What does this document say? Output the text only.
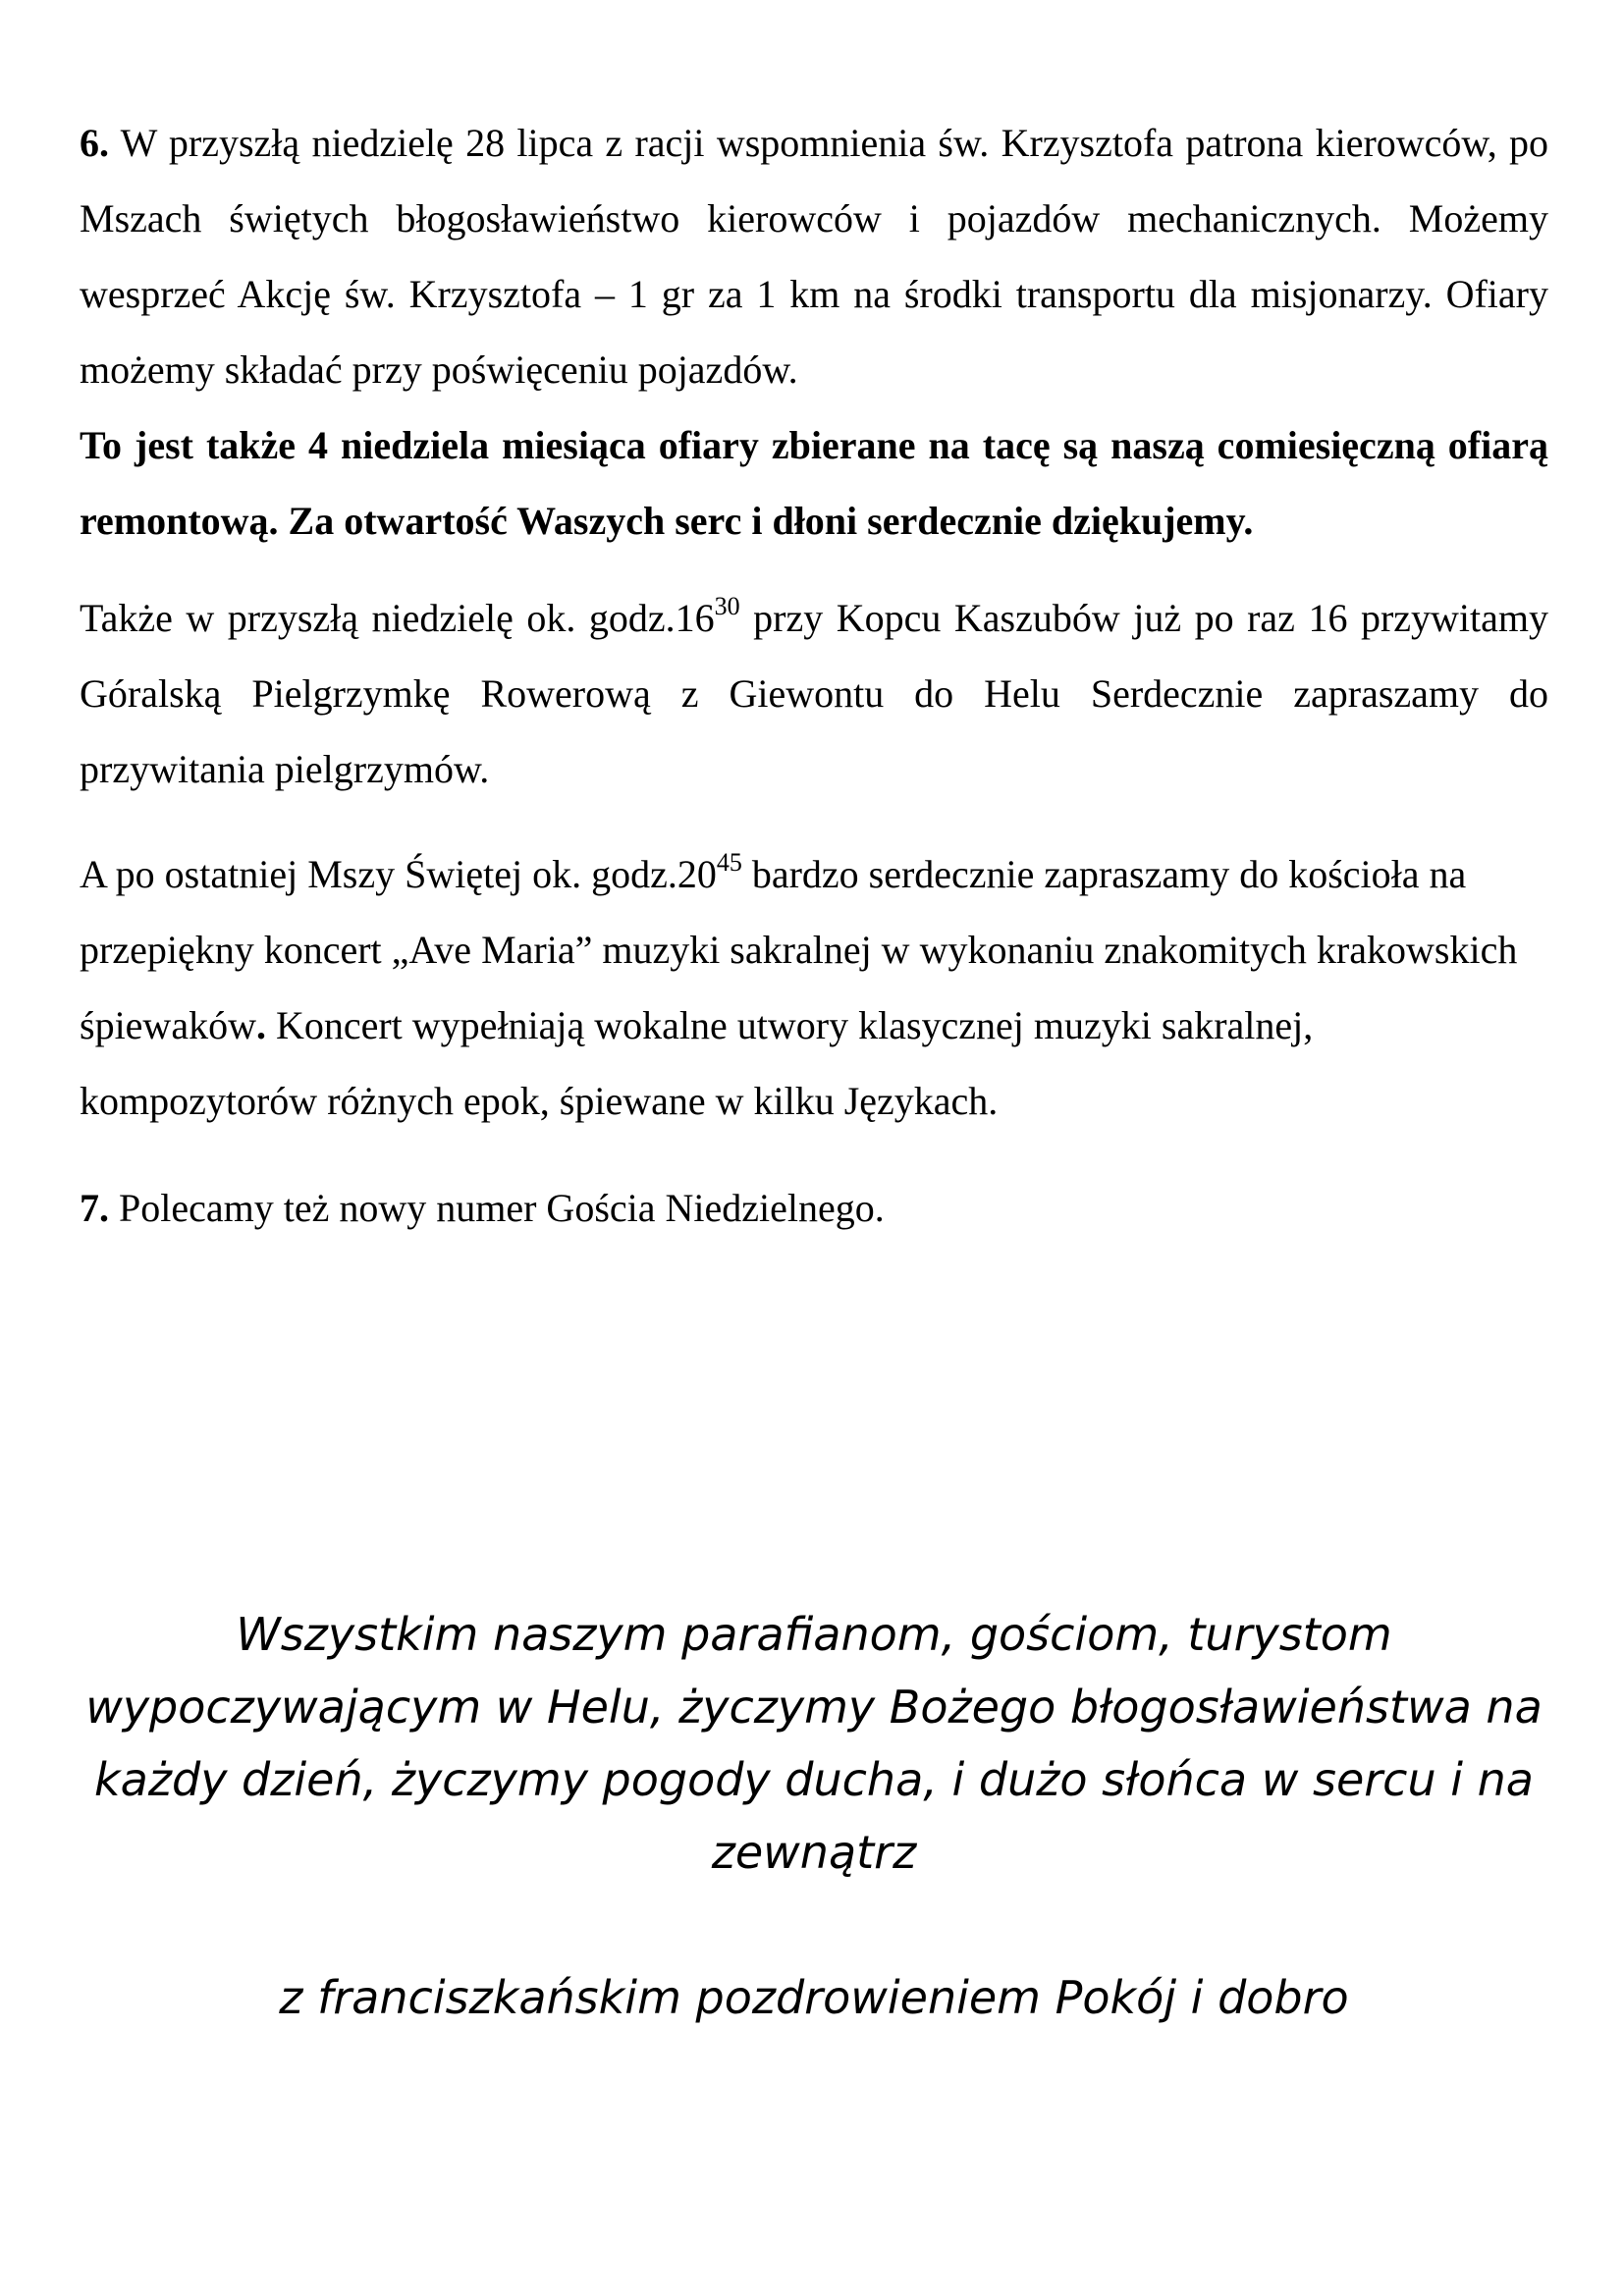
6. W przyszłą niedzielę 28 lipca z racji wspomnienia św. Krzysztofa patrona kierowców, po Mszach świętych błogosławieństwo kierowców i pojazdów mechanicznych. Możemy wesprzeć Akcję św. Krzysztofa – 1 gr za 1 km na środki transportu dla misjonarzy. Ofiary możemy składać przy poświęceniu pojazdów.

To jest także 4 niedziela miesiąca ofiary zbierane na tacę są naszą comiesięczną ofiarą remontową. Za otwartość Waszych serc i dłoni serdecznie dziękujemy.

Także w przyszłą niedzielę ok. $godz.16^{30}$ przy Kopcu Kaszubów już po raz 16 przywitamy Góralską Pielgrzymkę Rowerową z Giewontu do Helu Serdecznie zapraszamy do przywitania pielgrzymów.

A po ostatniej Mszy Świętej ok. $godz.20^{45}$ bardzo serdecznie zapraszamy do kościoła na przepiękny koncert „Ave Maria” muzyki sakralnej w wykonaniu znakomitych krakowskich śpiewaków. Koncert wypełniają wokalne utwory klasycznej muzyki sakralnej, kompozytorów różnych epok, śpiewane w kilku Językach.

7. Polecamy też nowy numer Gościa Niedzielnego.

Wszystkim naszym parafianom, gościom, turystom wypoczywającym w Helu, życzymy Bożego błogosławieństwa na każdy dzień, życzymy pogody ducha, i dużo słońca w sercu i na zewnątrz

z franciszkańskim pozdrowieniem Pokój i dobro
